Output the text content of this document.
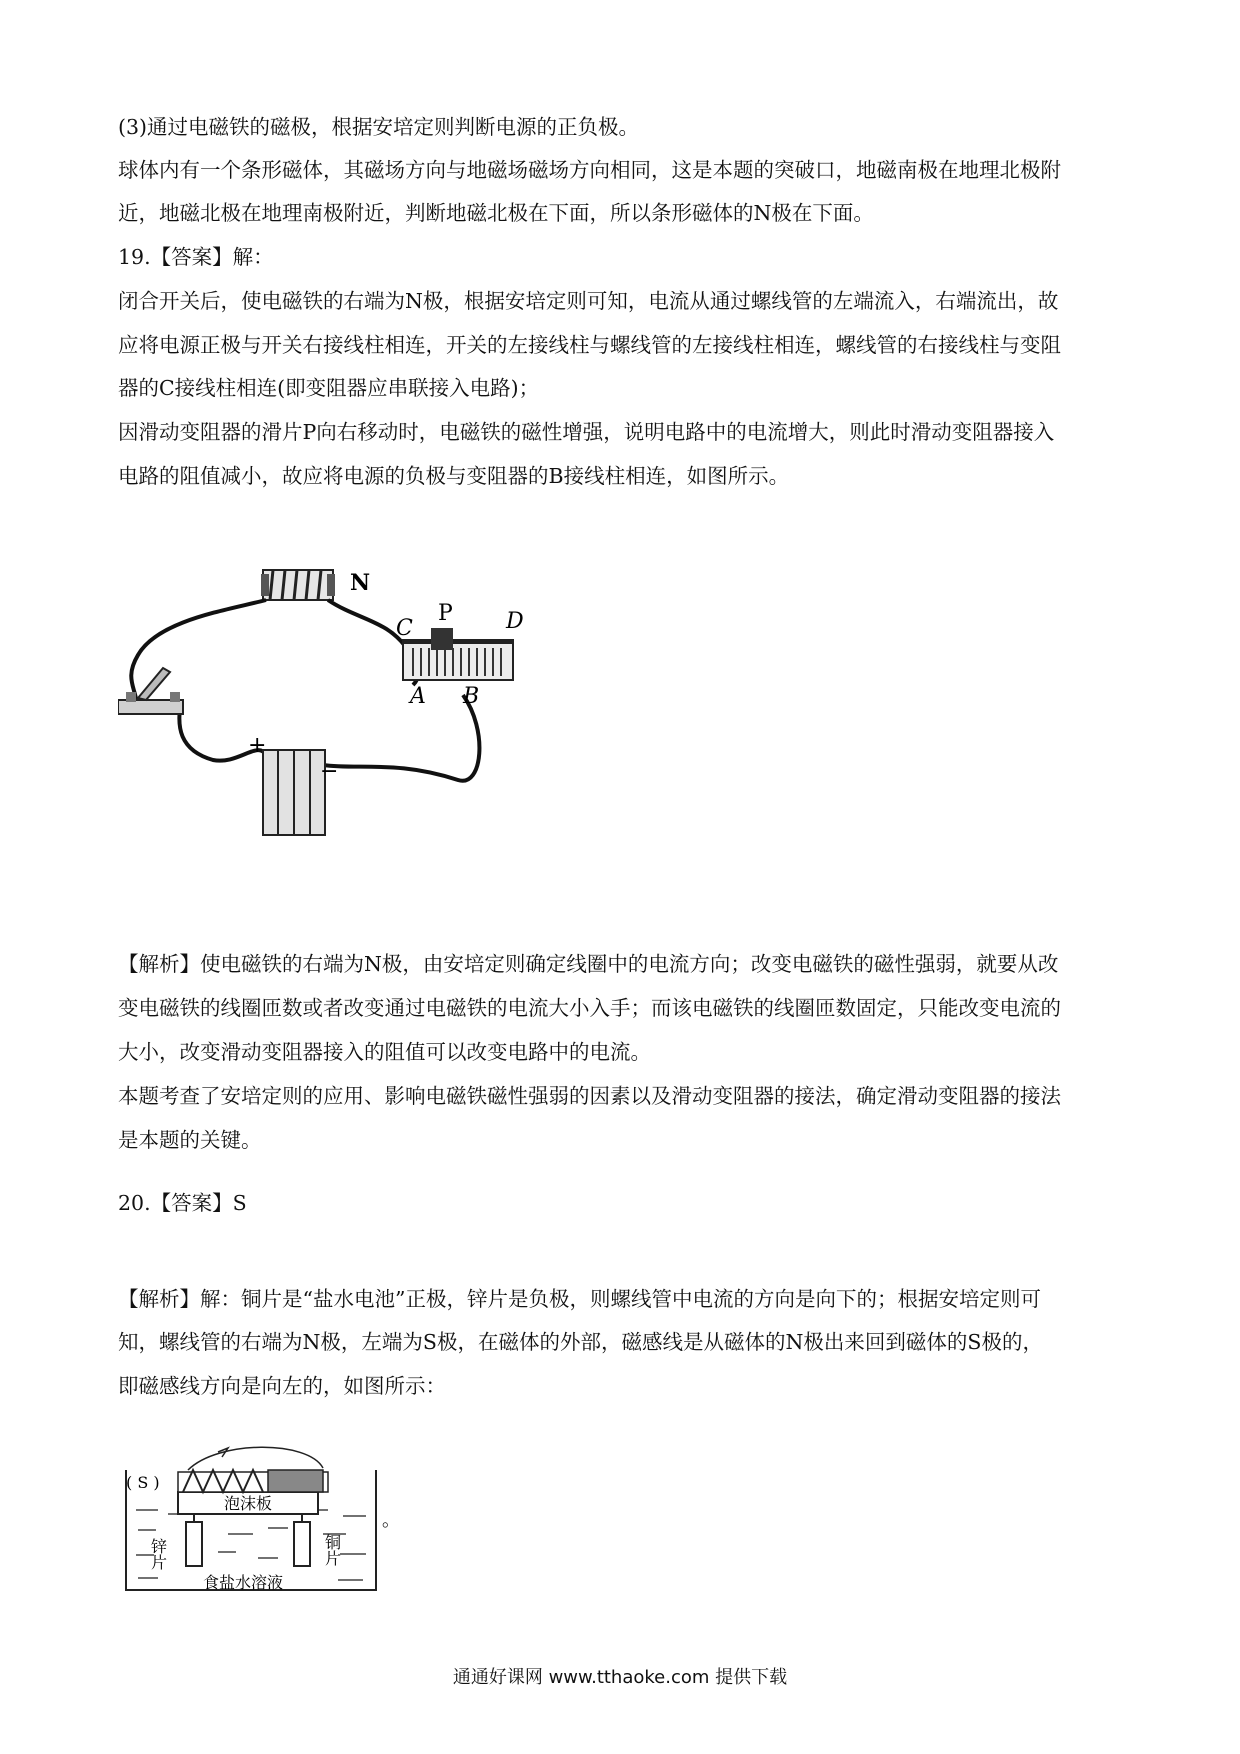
(3)通过电磁铁的磁极，根据安培定则判断电源的正负极。
球体内有一个条形磁体，其磁场方向与地磁场磁场方向相同，这是本题的突破口，地磁南极在地理北极附
近，地磁北极在地理南极附近，判断地磁北极在下面，所以条形磁体的N极在下面。
19.【答案】解：
闭合开关后，使电磁铁的右端为N极，根据安培定则可知，电流从通过螺线管的左端流入，右端流出，故
应将电源正极与开关右接线柱相连，开关的左接线柱与螺线管的左接线柱相连，螺线管的右接线柱与变阻
器的C接线柱相连(即变阻器应串联接入电路)；
因滑动变阻器的滑片P向右移动时，电磁铁的磁性增强，说明电路中的电流增大，则此时滑动变阻器接入
电路的阻值减小，故应将电源的负极与变阻器的B接线柱相连，如图所示。
N
C
P D
A B
+
−
【解析】使电磁铁的右端为N极，由安培定则确定线圈中的电流方向；改变电磁铁的磁性强弱，就要从改
变电磁铁的线圈匝数或者改变通过电磁铁的电流大小入手；而该电磁铁的线圈匝数固定，只能改变电流的
大小，改变滑动变阻器接入的阻值可以改变电路中的电流。
本题考查了安培定则的应用、影响电磁铁磁性强弱的因素以及滑动变阻器的接法，确定滑动变阻器的接法
是本题的关键。
20.【答案】S
【解析】解：铜片是“盐水电池”正极，锌片是负极，则螺线管中电流的方向是向下的；根据安培定则可
知，螺线管的右端为N极，左端为S极，在磁体的外部，磁感线是从磁体的N极出来回到磁体的S极的，
即磁感线方向是向左的，如图所示：
泡沫板
( S )
锌片	铜片
食盐水溶液
。
通通好课网 www.tthaoke.com 提供下载
